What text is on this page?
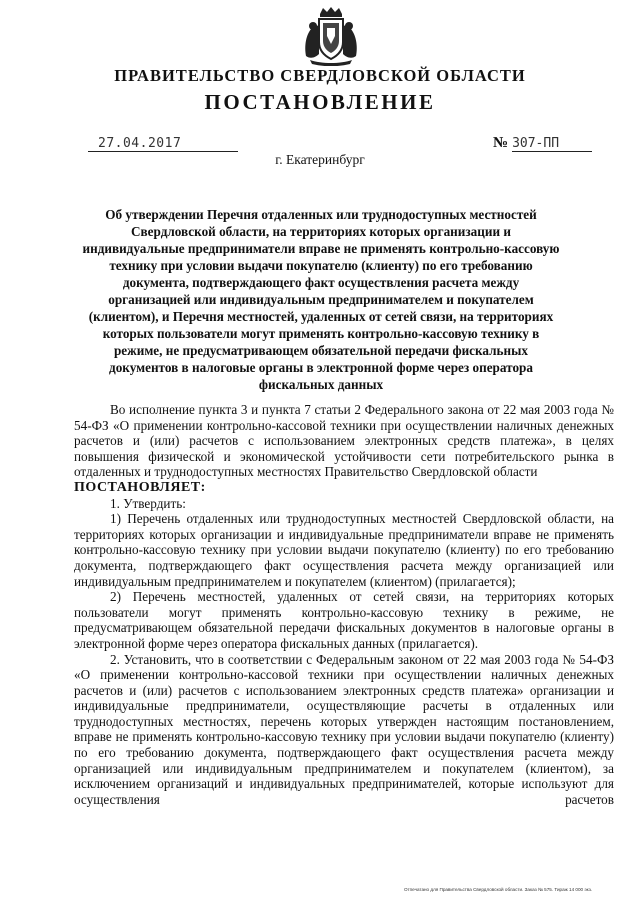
ПРАВИТЕЛЬСТВО СВЕРДЛОВСКОЙ ОБЛАСТИ
ПОСТАНОВЛЕНИЕ
27.04.2017	№ 307-ПП
г. Екатеринбург
Об утверждении Перечня отдаленных или труднодоступных местностей Свердловской области, на территориях которых организации и индивидуальные предприниматели вправе не применять контрольно-кассовую технику при условии выдачи покупателю (клиенту) по его требованию документа, подтверждающего факт осуществления расчета между организацией или индивидуальным предпринимателем и покупателем (клиентом), и Перечня местностей, удаленных от сетей связи, на территориях которых пользователи могут применять контрольно-кассовую технику в режиме, не предусматривающем обязательной передачи фискальных документов в налоговые органы в электронной форме через оператора фискальных данных

Во исполнение пункта 3 и пункта 7 статьи 2 Федерального закона от 22 мая 2003 года № 54-ФЗ «О применении контрольно-кассовой техники при осуществлении наличных денежных расчетов и (или) расчетов с использованием электронных средств платежа», в целях повышения физической и экономической устойчивости сети потребительского рынка в отдаленных и труднодоступных местностях Правительство Свердловской области

ПОСТАНОВЛЯЕТ:

1. Утвердить:

1) Перечень отдаленных или труднодоступных местностей Свердловской области, на территориях которых организации и индивидуальные предприниматели вправе не применять контрольно-кассовую технику при условии выдачи покупателю (клиенту) по его требованию документа, подтверждающего факт осуществления расчета между организацией или индивидуальным предпринимателем и покупателем (клиентом) (прилагается);

2) Перечень местностей, удаленных от сетей связи, на территориях которых пользователи могут применять контрольно-кассовую технику в режиме, не предусматривающем обязательной передачи фискальных документов в налоговые органы в электронной форме через оператора фискальных данных (прилагается).

2. Установить, что в соответствии с Федеральным законом от 22 мая 2003 года № 54-ФЗ «О применении контрольно-кассовой техники при осуществлении наличных денежных расчетов и (или) расчетов с использованием электронных средств платежа» организации и индивидуальные предприниматели, осуществляющие расчеты в отдаленных или труднодоступных местностях, перечень которых утвержден настоящим постановлением, вправе не применять контрольно-кассовую технику при условии выдачи покупателю (клиенту) по его требованию документа, подтверждающего факт осуществления расчета между организацией или индивидуальным предпринимателем и покупателем (клиентом), за исключением организаций и индивидуальных предпринимателей, которые используют для осуществления расчетов

Отпечатано для Правительства Свердловской области. Заказ № 575. Тираж 14 000 экз.
